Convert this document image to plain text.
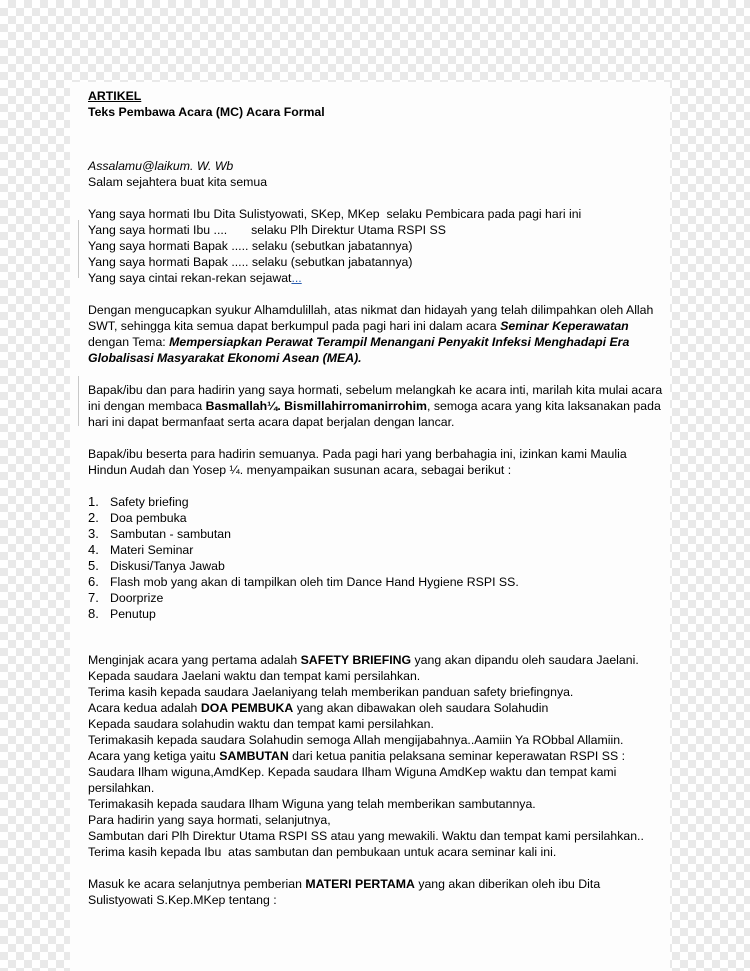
ARTIKEL
Teks Pembawa Acara (MC) Acara Formal
Assalamu@laikum. W. Wb
Salam sejahtera buat kita semua
Yang saya hormati Ibu Dita Sulistyowati, SKep, MKep  selaku Pembicara pada pagi hari ini
Yang saya hormati Ibu ....       selaku Plh Direktur Utama RSPI SS
Yang saya hormati Bapak ..... selaku (sebutkan jabatannya)
Yang saya hormati Bapak ..... selaku (sebutkan jabatannya)
Yang saya cintai rekan-rekan sejawat...
Dengan mengucapkan syukur Alhamdulillah, atas nikmat dan hidayah yang telah dilimpahkan oleh Allah
SWT, sehingga kita semua dapat berkumpul pada pagi hari ini dalam acara Seminar Keperawatan
dengan Tema: Mempersiapkan Perawat Terampil Menangani Penyakit Infeksi Menghadapi Era
Globalisasi Masyarakat Ekonomi Asean (MEA).
Bapak/ibu dan para hadirin yang saya hormati, sebelum melangkah ke acara inti, marilah kita mulai acara
ini dengan membaca Basmallah¼. Bismillahirromanirrohim, semoga acara yang kita laksanakan pada
hari ini dapat bermanfaat serta acara dapat berjalan dengan lancar.
Bapak/ibu beserta para hadirin semuanya. Pada pagi hari yang berbahagia ini, izinkan kami Maulia
Hindun Audah dan Yosep ¼. menyampaikan susunan acara, sebagai berikut :
1. Safety briefing
2. Doa pembuka
3. Sambutan - sambutan
4. Materi Seminar
5. Diskusi/Tanya Jawab
6. Flash mob yang akan di tampilkan oleh tim Dance Hand Hygiene RSPI SS.
7. Doorprize
8. Penutup
Menginjak acara yang pertama adalah SAFETY BRIEFING yang akan dipandu oleh saudara Jaelani.
Kepada saudara Jaelani waktu dan tempat kami persilahkan.
Terima kasih kepada saudara Jaelaniyang telah memberikan panduan safety briefingnya.
Acara kedua adalah DOA PEMBUKA yang akan dibawakan oleh saudara Solahudin
Kepada saudara solahudin waktu dan tempat kami persilahkan.
Terimakasih kepada saudara Solahudin semoga Allah mengijabahnya..Aamiin Ya RObbal Allamiin.
Acara yang ketiga yaitu SAMBUTAN dari ketua panitia pelaksana seminar keperawatan RSPI SS :
Saudara Ilham wiguna,AmdKep. Kepada saudara Ilham Wiguna AmdKep waktu dan tempat kami
persilahkan.
Terimakasih kepada saudara Ilham Wiguna yang telah memberikan sambutannya.
Para hadirin yang saya hormati, selanjutnya,
Sambutan dari Plh Direktur Utama RSPI SS atau yang mewakili. Waktu dan tempat kami persilahkan..
Terima kasih kepada Ibu  atas sambutan dan pembukaan untuk acara seminar kali ini.
Masuk ke acara selanjutnya pemberian MATERI PERTAMA yang akan diberikan oleh ibu Dita
Sulistyowati S.Kep.MKep tentang :
